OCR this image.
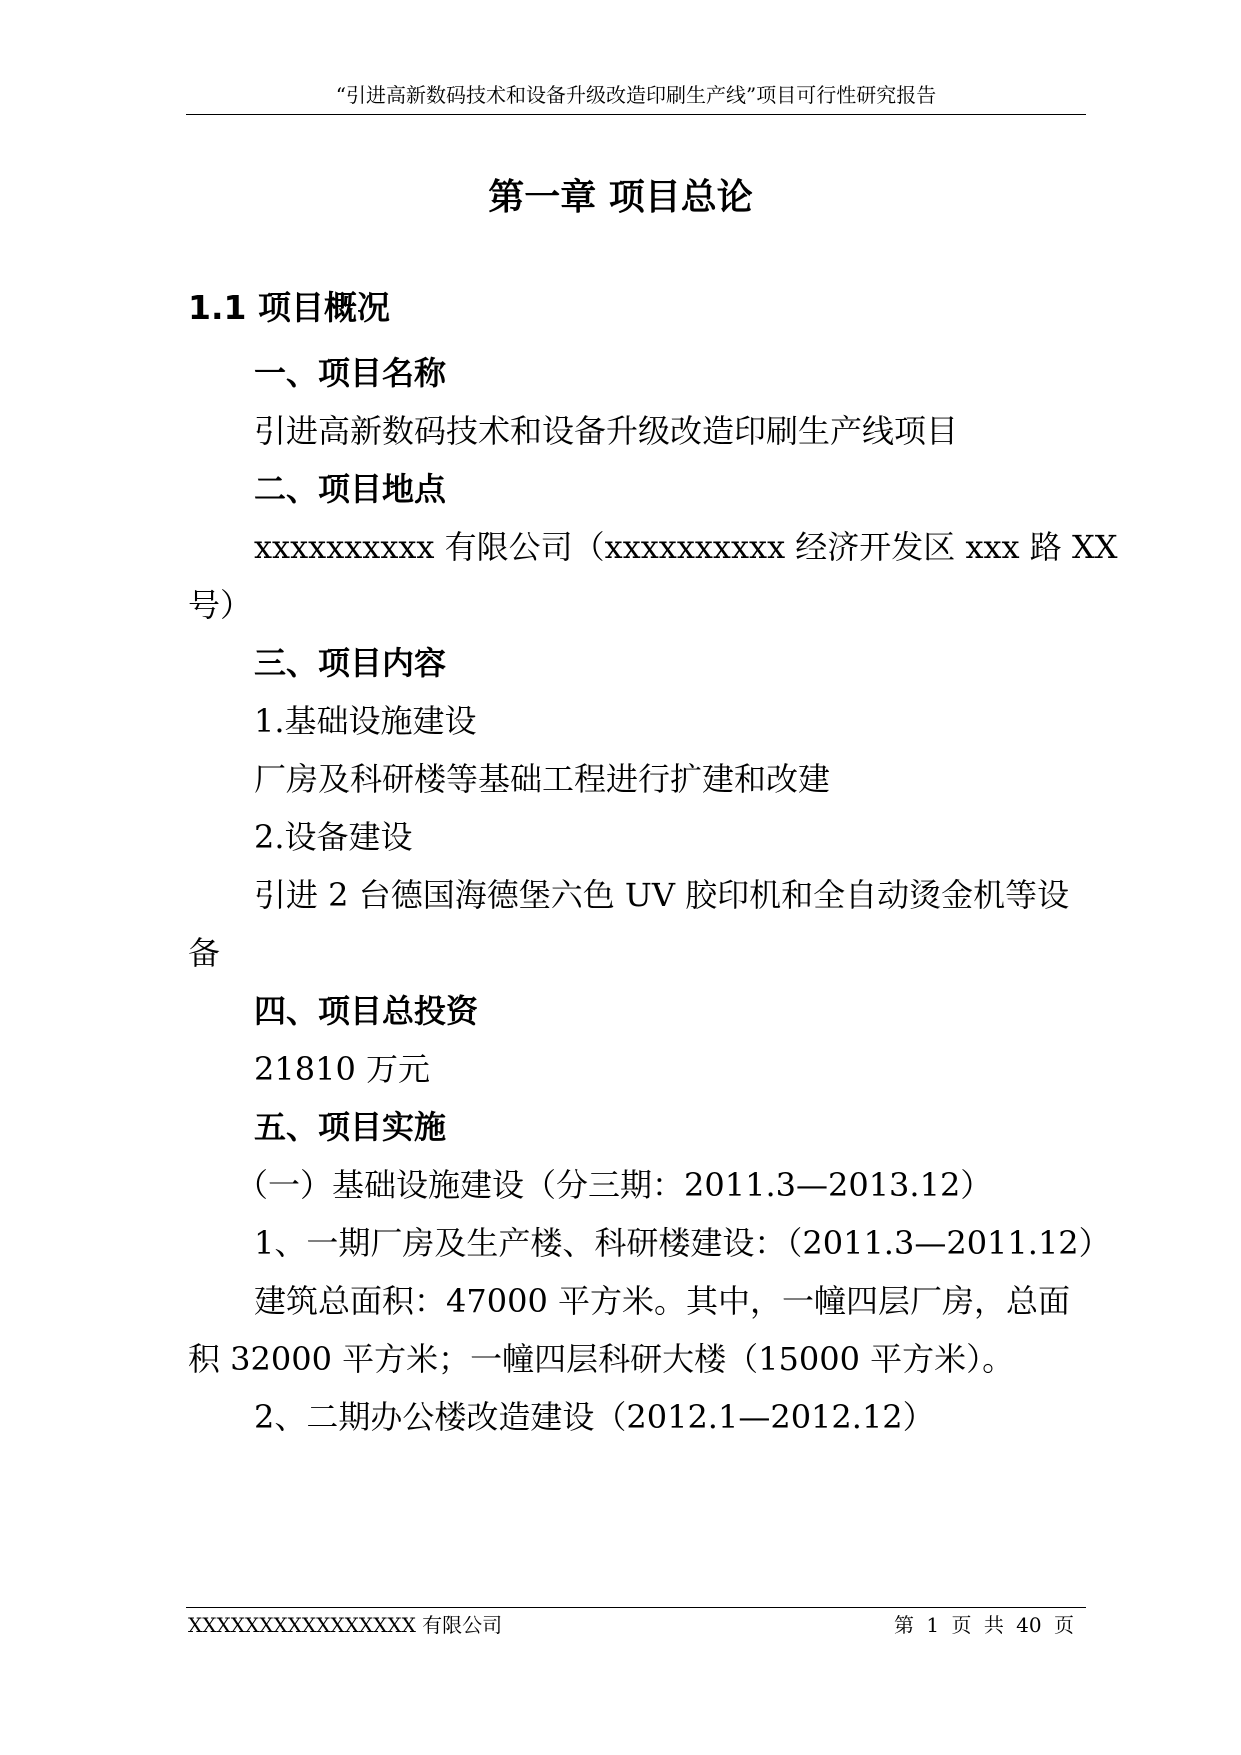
“引进高新数码技术和设备升级改造印刷生产线”项目可行性研究报告
第一章 项目总论
1.1 项目概况
一、项目名称
引进高新数码技术和设备升级改造印刷生产线项目
二、项目地点
xxxxxxxxxx 有限公司（xxxxxxxxxx 经济开发区 xxx 路 XX
号）
三、项目内容
1.基础设施建设
厂房及科研楼等基础工程进行扩建和改建
2.设备建设
引进 2 台德国海德堡六色 UV 胶印机和全自动烫金机等设
备
四、项目总投资
21810 万元
五、项目实施
（一）基础设施建设（分三期：2011.3—2013.12）
1、一期厂房及生产楼、科研楼建设：（2011.3—2011.12）
建筑总面积：47000 平方米。其中，一幢四层厂房，总面
积 32000 平方米；一幢四层科研大楼（15000 平方米）。
2、二期办公楼改造建设（2012.1—2012.12）
XXXXXXXXXXXXXXXX 有限公司	第 1 页 共 40 页
